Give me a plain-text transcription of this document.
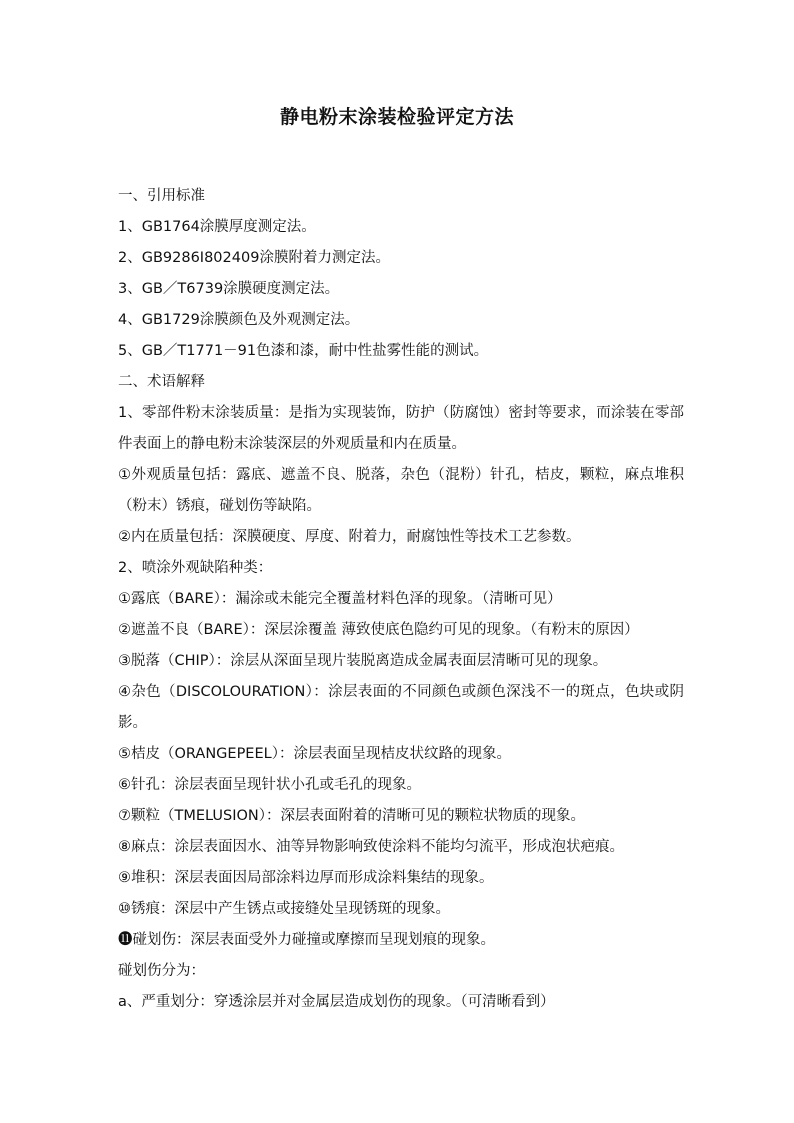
静电粉末涂装检验评定方法

一、引用标准

1、GB1764涂膜厚度测定法。

2、GB9286I802409涂膜附着力测定法。

3、GB／T6739涂膜硬度测定法。

4、GB1729涂膜颜色及外观测定法。

5、GB／T1771－91色漆和漆，耐中性盐雾性能的测试。

二、术语解释

1、零部件粉末涂装质量：是指为实现装饰，防护（防腐蚀）密封等要求，而涂装在零部件表面上的静电粉末涂装深层的外观质量和内在质量。

①外观质量包括：露底、遮盖不良、脱落，杂色（混粉）针孔，桔皮，颗粒，麻点堆积（粉末）锈痕，碰划伤等缺陷。

②内在质量包括：深膜硬度、厚度、附着力，耐腐蚀性等技术工艺参数。

2、喷涂外观缺陷种类：

①露底（BARE）：漏涂或未能完全覆盖材料色泽的现象。（清晰可见）

②遮盖不良（BARE）：深层涂覆盖 薄致使底色隐约可见的现象。（有粉末的原因）

③脱落（CHIP）：涂层从深面呈现片装脱离造成金属表面层清晰可见的现象。

④杂色（DISCOLOURATION）：涂层表面的不同颜色或颜色深浅不一的斑点，色块或阴影。

⑤桔皮（ORANGEPEEL）：涂层表面呈现桔皮状纹路的现象。

⑥针孔：涂层表面呈现针状小孔或毛孔的现象。

⑦颗粒（TMELUSION）：深层表面附着的清晰可见的颗粒状物质的现象。

⑧麻点：涂层表面因水、油等异物影响致使涂料不能均匀流平，形成泡状疤痕。

⑨堆积：深层表面因局部涂料边厚而形成涂料集结的现象。

⑩锈痕：深层中产生锈点或接缝处呈现锈斑的现象。

⓫碰划伤：深层表面受外力碰撞或摩擦而呈现划痕的现象。

碰划伤分为：

a、严重划分：穿透涂层并对金属层造成划伤的现象。（可清晰看到）
